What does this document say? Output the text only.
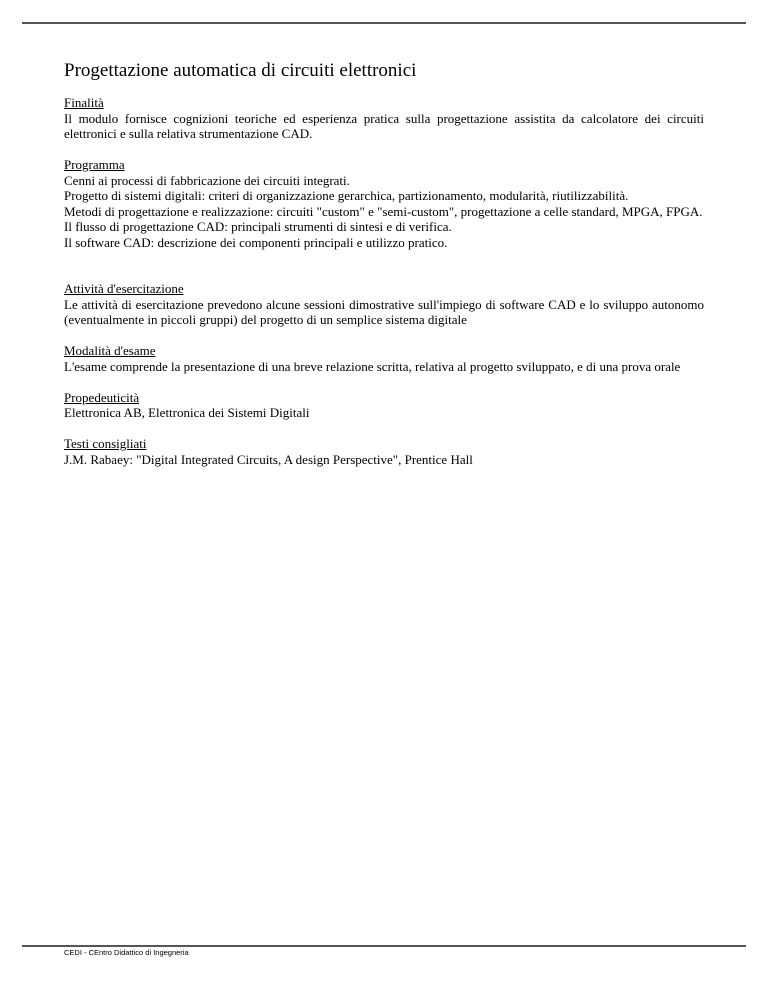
Progettazione automatica di circuiti elettronici
Finalità
Il modulo fornisce cognizioni teoriche ed esperienza pratica sulla progettazione assistita da calcolatore dei circuiti elettronici e sulla relativa strumentazione CAD.
Programma
Cenni ai processi di fabbricazione dei circuiti integrati.
Progetto di sistemi digitali: criteri di organizzazione gerarchica, partizionamento, modularità, riutilizzabilità.
Metodi di progettazione e realizzazione: circuiti "custom" e "semi-custom", progettazione a celle standard, MPGA, FPGA.
Il flusso di progettazione CAD: principali strumenti di sintesi e di verifica.
Il software CAD: descrizione dei componenti principali e utilizzo pratico.
Attività d'esercitazione
Le attività di esercitazione prevedono alcune sessioni dimostrative sull'impiego di software CAD e lo sviluppo autonomo (eventualmente in piccoli gruppi) del progetto di un semplice sistema digitale
Modalità d'esame
L'esame comprende la presentazione di una breve relazione scritta, relativa al progetto sviluppato, e di una prova orale
Propedeuticità
Elettronica AB, Elettronica dei Sistemi Digitali
Testi consigliati
J.M. Rabaey: "Digital Integrated Circuits, A design Perspective", Prentice Hall
CEDI - CEntro Didattico di Ingegneria
